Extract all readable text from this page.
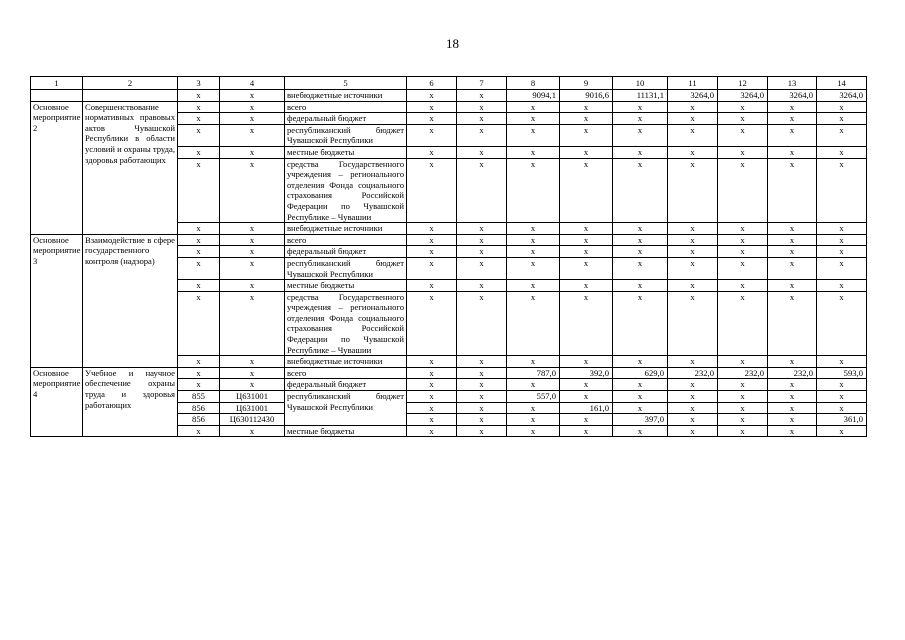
18
1	2	3	4	5	6	7	8	9	10	11	12	13	14
		x	x	внебюджетные источники	x	x	9094,1	9016,6	11131,1	3264,0	3264,0	3264,0	3264,0
Основное мероприятие 2	Совершенствование нормативных правовых актов Чувашской Республики в области условий и охраны труда, здоровья работающих	x	x	всего	x	x	x	x	x	x	x	x	x
		x	x	федеральный бюджет	x	x	x	x	x	x	x	x	x
		x	x	республиканский бюджет Чувашской Республики	x	x	x	x	x	x	x	x	x
		x	x	местные бюджеты	x	x	x	x	x	x	x	x	x
		x	x	средства Государственного учреждения – регионального отделения Фонда социального страхования Российской Федерации по Чувашской Республике – Чувашии	x	x	x	x	x	x	x	x	x
		x	x	внебюджетные источники	x	x	x	x	x	x	x	x	x
Основное мероприятие 3	Взаимодействие в сфере государственного контроля (надзора)	x	x	всего	x	x	x	x	x	x	x	x	x
		x	x	федеральный бюджет	x	x	x	x	x	x	x	x	x
		x	x	республиканский бюджет Чувашской Республики	x	x	x	x	x	x	x	x	x
		x	x	местные бюджеты	x	x	x	x	x	x	x	x	x
		x	x	средства Государственного учреждения – регионального отделения Фонда социального страхования Российской Федерации по Чувашской Республике – Чувашии	x	x	x	x	x	x	x	x	x
		x	x	внебюджетные источники	x	x	x	x	x	x	x	x	x
Основное мероприятие 4	Учебное и научное обеспечение охраны труда и здоровья работающих	x	x	всего	x	x	787,0	392,0	629,0	232,0	232,0	232,0	593,0
		x	x	федеральный бюджет	x	x	x	x	x	x	x	x	x
		855	Ц631001	республиканский бюджет Чувашской Республики	x	x	557,0	x	x	x	x	x	x
		856	Ц631001		x	x	x	161,0	x	x	x	x	x
		856	Ц630112430		x	x	x	x	397,0	x	x	x	361,0
		x	x	местные бюджеты	x	x	x	x	x	x	x	x	x
